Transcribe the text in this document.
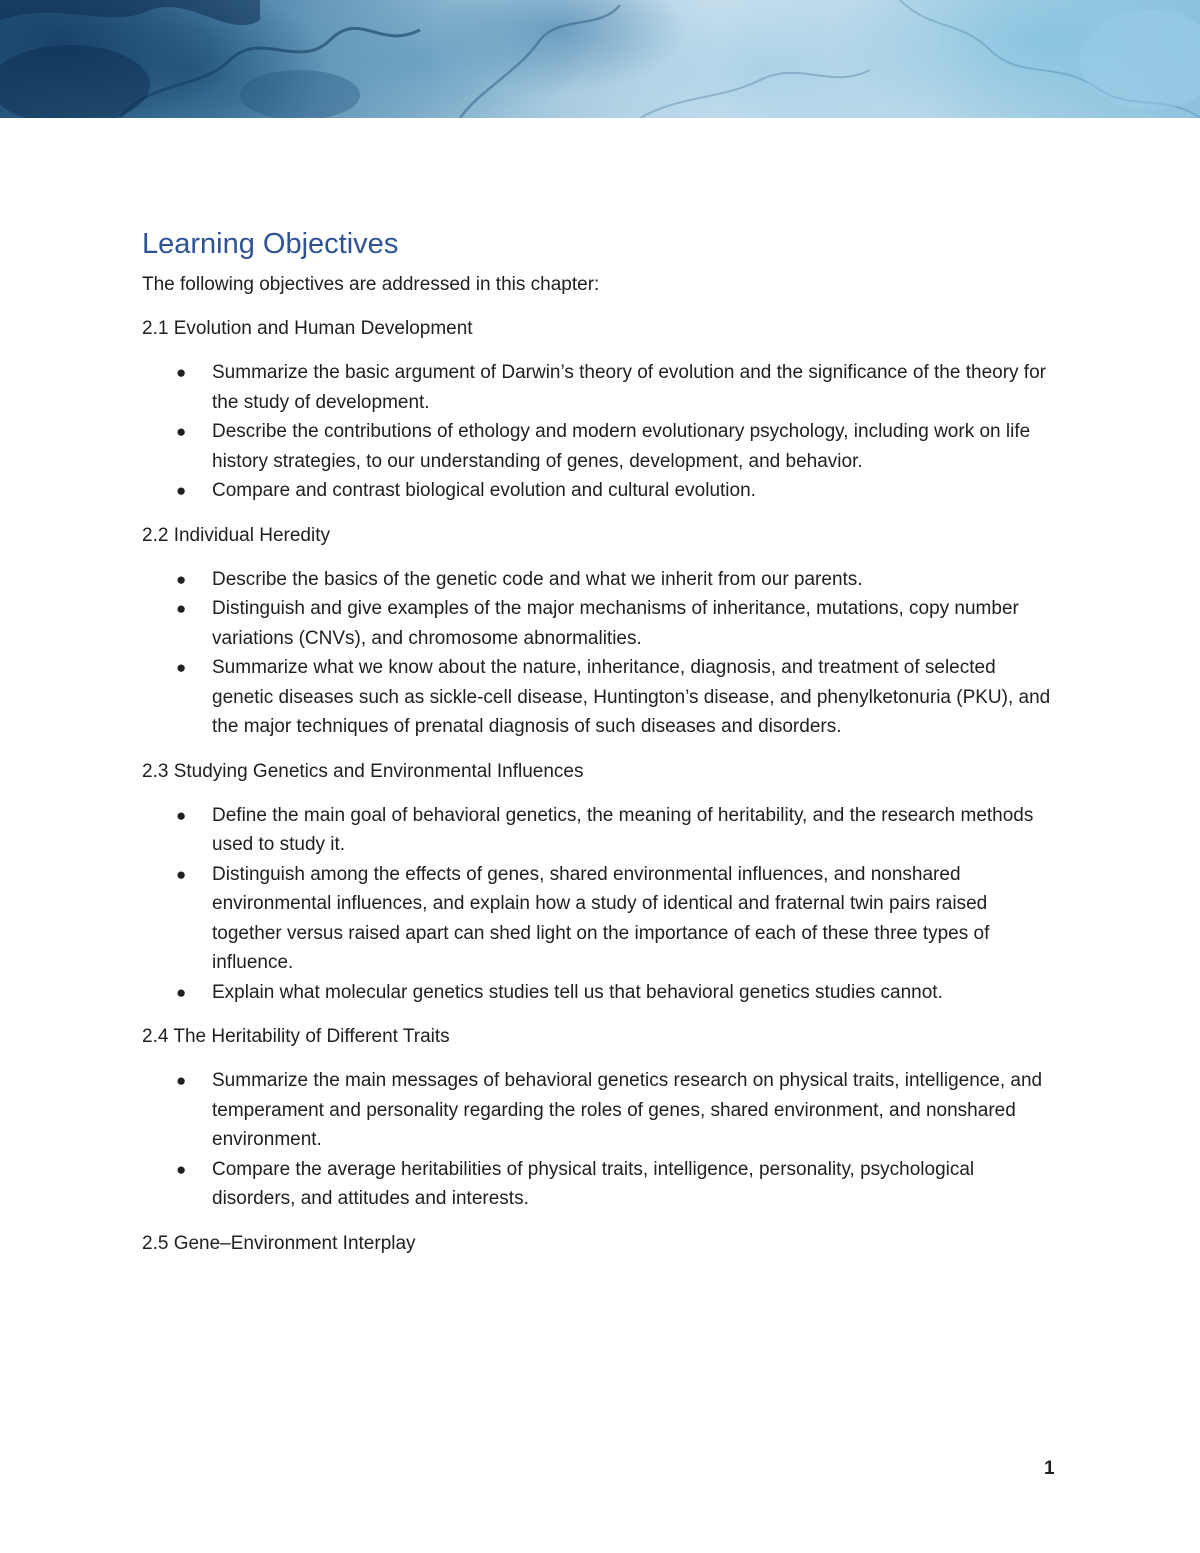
Learning Objectives

The following objectives are addressed in this chapter:

2.1 Evolution and Human Development

● Summarize the basic argument of Darwin’s theory of evolution and the significance of the theory for the study of development.
● Describe the contributions of ethology and modern evolutionary psychology, including work on life history strategies, to our understanding of genes, development, and behavior.
● Compare and contrast biological evolution and cultural evolution.

2.2 Individual Heredity

● Describe the basics of the genetic code and what we inherit from our parents.
● Distinguish and give examples of the major mechanisms of inheritance, mutations, copy number variations (CNVs), and chromosome abnormalities.
● Summarize what we know about the nature, inheritance, diagnosis, and treatment of selected genetic diseases such as sickle-cell disease, Huntington’s disease, and phenylketonuria (PKU), and the major techniques of prenatal diagnosis of such diseases and disorders.

2.3 Studying Genetics and Environmental Influences

● Define the main goal of behavioral genetics, the meaning of heritability, and the research methods used to study it.
● Distinguish among the effects of genes, shared environmental influences, and nonshared environmental influences, and explain how a study of identical and fraternal twin pairs raised together versus raised apart can shed light on the importance of each of these three types of influence.
● Explain what molecular genetics studies tell us that behavioral genetics studies cannot.

2.4 The Heritability of Different Traits

● Summarize the main messages of behavioral genetics research on physical traits, intelligence, and temperament and personality regarding the roles of genes, shared environment, and nonshared environment.
● Compare the average heritabilities of physical traits, intelligence, personality, psychological disorders, and attitudes and interests.

2.5 Gene–Environment Interplay

1
